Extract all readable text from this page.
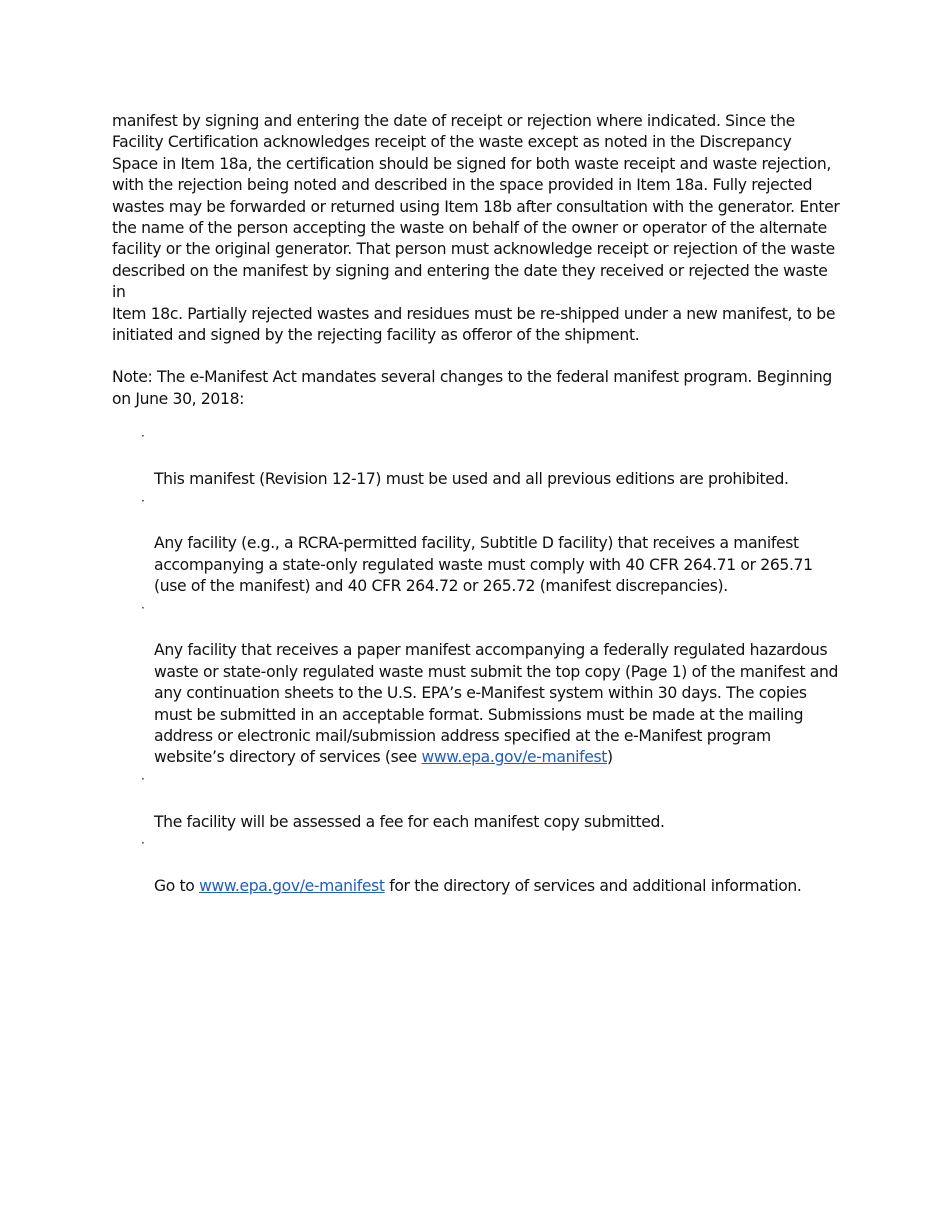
manifest by signing and entering the date of receipt or rejection where indicated. Since the
Facility Certification acknowledges receipt of the waste except as noted in the Discrepancy
Space in Item 18a, the certification should be signed for both waste receipt and waste rejection,
with the rejection being noted and described in the space provided in Item 18a. Fully rejected
wastes may be forwarded or returned using Item 18b after consultation with the generator. Enter
the name of the person accepting the waste on behalf of the owner or operator of the alternate
facility or the original generator. That person must acknowledge receipt or rejection of the waste
described on the manifest by signing and entering the date they received or rejected the waste in
Item 18c. Partially rejected wastes and residues must be re-shipped under a new manifest, to be
initiated and signed by the rejecting facility as offeror of the shipment.

Note: The e-Manifest Act mandates several changes to the federal manifest program. Beginning
on June 30, 2018:

·

This manifest (Revision 12-17) must be used and all previous editions are prohibited.

·

Any facility (e.g., a RCRA-permitted facility, Subtitle D facility) that receives a manifest
accompanying a state-only regulated waste must comply with 40 CFR 264.71 or 265.71
(use of the manifest) and 40 CFR 264.72 or 265.72 (manifest discrepancies).

·

Any facility that receives a paper manifest accompanying a federally regulated hazardous
waste or state-only regulated waste must submit the top copy (Page 1) of the manifest and
any continuation sheets to the U.S. EPA’s e-Manifest system within 30 days. The copies
must be submitted in an acceptable format. Submissions must be made at the mailing
address or electronic mail/submission address specified at the e-Manifest program
website’s directory of services (see www.epa.gov/e-manifest)

·

The facility will be assessed a fee for each manifest copy submitted.

·

Go to www.epa.gov/e-manifest for the directory of services and additional information.
